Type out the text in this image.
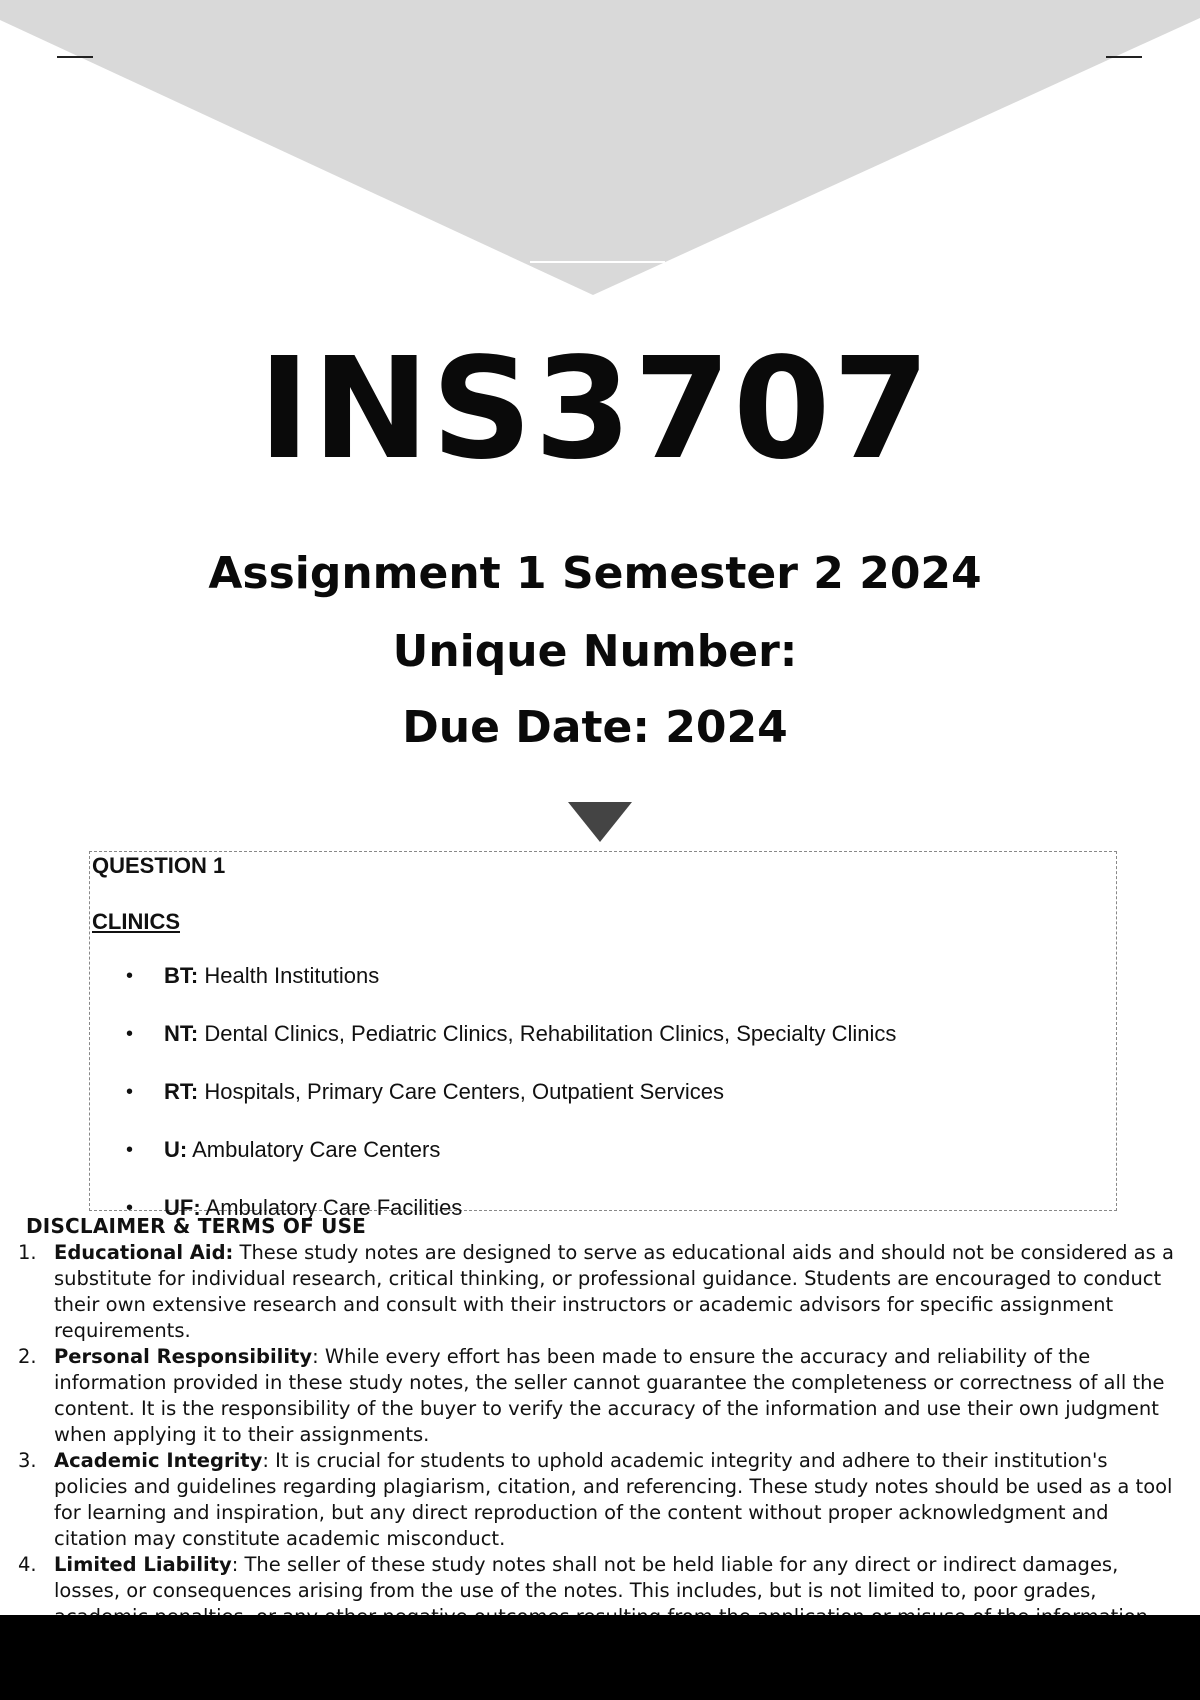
INS3707
Assignment 1 Semester 2 2024
Unique Number:
Due Date: 2024
QUESTION 1
CLINICS
• BT: Health Institutions
• NT: Dental Clinics, Pediatric Clinics, Rehabilitation Clinics, Specialty Clinics
• RT: Hospitals, Primary Care Centers, Outpatient Services
• U: Ambulatory Care Centers
• UF: Ambulatory Care Facilities
DISCLAIMER & TERMS OF USE
1. Educational Aid: These study notes are designed to serve as educational aids and should not be considered as a substitute for individual research, critical thinking, or professional guidance. Students are encouraged to conduct their own extensive research and consult with their instructors or academic advisors for specific assignment requirements.
2. Personal Responsibility: While every effort has been made to ensure the accuracy and reliability of the information provided in these study notes, the seller cannot guarantee the completeness or correctness of all the content. It is the responsibility of the buyer to verify the accuracy of the information and use their own judgment when applying it to their assignments.
3. Academic Integrity: It is crucial for students to uphold academic integrity and adhere to their institution's policies and guidelines regarding plagiarism, citation, and referencing. These study notes should be used as a tool for learning and inspiration, but any direct reproduction of the content without proper acknowledgment and citation may constitute academic misconduct.
4. Limited Liability: The seller of these study notes shall not be held liable for any direct or indirect damages, losses, or consequences arising from the use of the notes. This includes, but is not limited to, poor grades,
